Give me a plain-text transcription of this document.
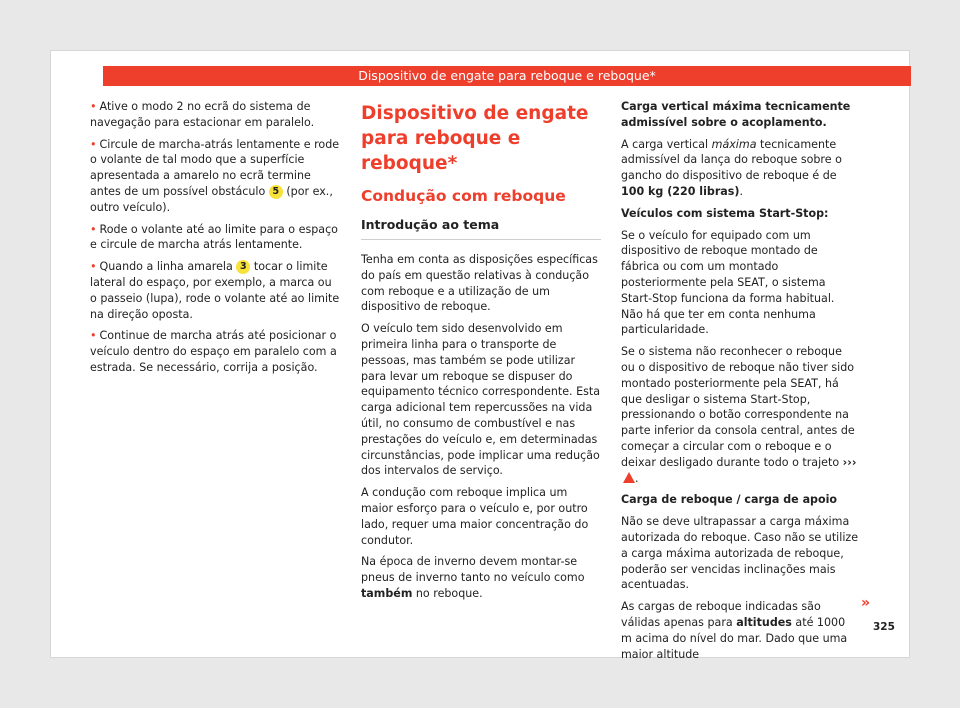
Dispositivo de engate para reboque e reboque*

• Ative o modo 2 no ecrã do sistema de navegação para estacionar em paralelo.

• Circule de marcha-atrás lentamente e rode o volante de tal modo que a superfície apresentada a amarelo no ecrã termine antes de um possível obstáculo 5 (por ex., outro veículo).

• Rode o volante até ao limite para o espaço e circule de marcha atrás lentamente.

• Quando a linha amarela 3 tocar o limite lateral do espaço, por exemplo, a marca ou o passeio (lupa), rode o volante até ao limite na direção oposta.

• Continue de marcha atrás até posicionar o veículo dentro do espaço em paralelo com a estrada. Se necessário, corrija a posição.

Dispositivo de engate para reboque e reboque*
Condução com reboque
Introdução ao tema

Tenha em conta as disposições específicas do país em questão relativas à condução com reboque e a utilização de um dispositivo de reboque.

O veículo tem sido desenvolvido em primeira linha para o transporte de pessoas, mas também se pode utilizar para levar um reboque se dispuser do equipamento técnico correspondente. Esta carga adicional tem repercussões na vida útil, no consumo de combustível e nas prestações do veículo e, em determinadas circunstâncias, pode implicar uma redução dos intervalos de serviço.

A condução com reboque implica um maior esforço para o veículo e, por outro lado, requer uma maior concentração do condutor.

Na época de inverno devem montar-se pneus de inverno tanto no veículo como também no reboque.

Carga vertical máxima tecnicamente admissível sobre o acoplamento.

A carga vertical máxima tecnicamente admissível da lança do reboque sobre o gancho do dispositivo de reboque é de 100 kg (220 libras).

Veículos com sistema Start-Stop:

Se o veículo for equipado com um dispositivo de reboque montado de fábrica ou com um montado posteriormente pela SEAT, o sistema Start-Stop funciona da forma habitual. Não há que ter em conta nenhuma particularidade.

Se o sistema não reconhecer o reboque ou o dispositivo de reboque não tiver sido montado posteriormente pela SEAT, há que desligar o sistema Start-Stop, pressionando o botão correspondente na parte inferior da consola central, antes de começar a circular com o reboque e o deixar desligado durante todo o trajeto ››› .

Carga de reboque / carga de apoio

Não se deve ultrapassar a carga máxima autorizada do reboque. Caso não se utilize a carga máxima autorizada de reboque, poderão ser vencidas inclinações mais acentuadas.

As cargas de reboque indicadas são válidas apenas para altitudes até 1000 m acima do nível do mar. Dado que uma maior altitude

»
325
